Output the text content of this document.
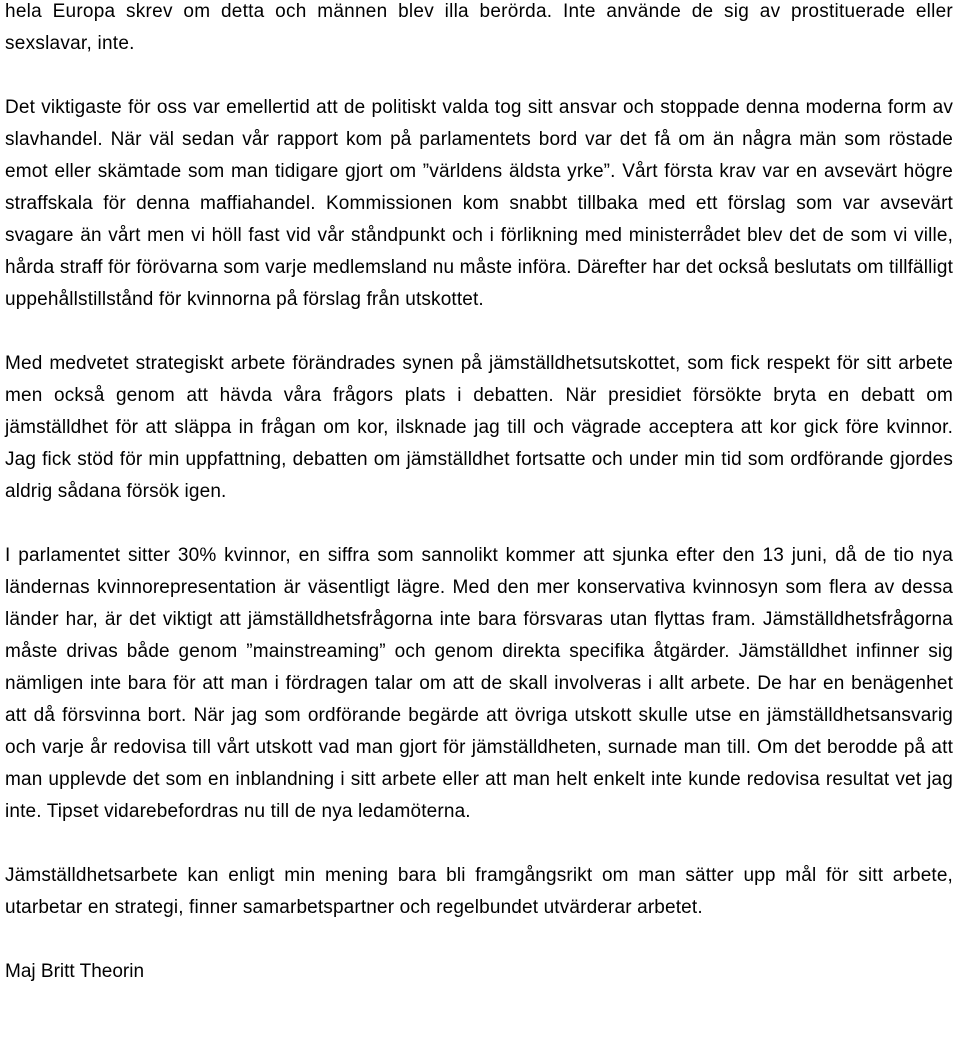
hela Europa skrev om detta och männen blev illa berörda. Inte använde de sig av prostituerade eller sexslavar, inte.

Det viktigaste för oss var emellertid att de politiskt valda tog sitt ansvar och stoppade denna moderna form av slavhandel. När väl sedan vår rapport kom på parlamentets bord var det få om än några män som röstade emot eller skämtade som man tidigare gjort om ”världens äldsta yrke”. Vårt första krav var en avsevärt högre straffskala för denna maffiahandel. Kommissionen kom snabbt tillbaka med ett förslag som var avsevärt svagare än vårt men vi höll fast vid vår ståndpunkt och i förlikning med ministerrådet blev det de som vi ville, hårda straff för förövarna som varje medlemsland nu måste införa. Därefter har det också beslutats om tillfälligt uppehållstillstånd för kvinnorna på förslag från utskottet.

Med medvetet strategiskt arbete förändrades synen på jämställdhetsutskottet, som fick respekt för sitt arbete men också genom att hävda våra frågors plats i debatten. När presidiet försökte bryta en debatt om jämställdhet för att släppa in frågan om kor, ilsknade jag till och vägrade acceptera att kor gick före kvinnor. Jag fick stöd för min uppfattning, debatten om jämställdhet fortsatte och under min tid som ordförande gjordes aldrig sådana försök igen.

I parlamentet sitter 30% kvinnor, en siffra som sannolikt kommer att sjunka efter den 13 juni, då de tio nya ländernas kvinnorepresentation är väsentligt lägre. Med den mer konservativa kvinnosyn som flera av dessa länder har, är det viktigt att jämställdhetsfrågorna inte bara försvaras utan flyttas fram. Jämställdhetsfrågorna måste drivas både genom ”mainstreaming” och genom direkta specifika åtgärder. Jämställdhet infinner sig nämligen inte bara för att man i fördragen talar om att de skall involveras i allt arbete. De har en benägenhet att då försvinna bort. När jag som ordförande begärde att övriga utskott skulle utse en jämställdhetsansvarig och varje år redovisa till vårt utskott vad man gjort för jämställdheten, surnade man till. Om det berodde på att man upplevde det som en inblandning i sitt arbete eller att man helt enkelt inte kunde redovisa resultat vet jag inte. Tipset vidarebefordras nu till de nya ledamöterna.

Jämställdhetsarbete kan enligt min mening bara bli framgångsrikt om man sätter upp mål för sitt arbete, utarbetar en strategi, finner samarbetspartner och regelbundet utvärderar arbetet.

Maj Britt Theorin
